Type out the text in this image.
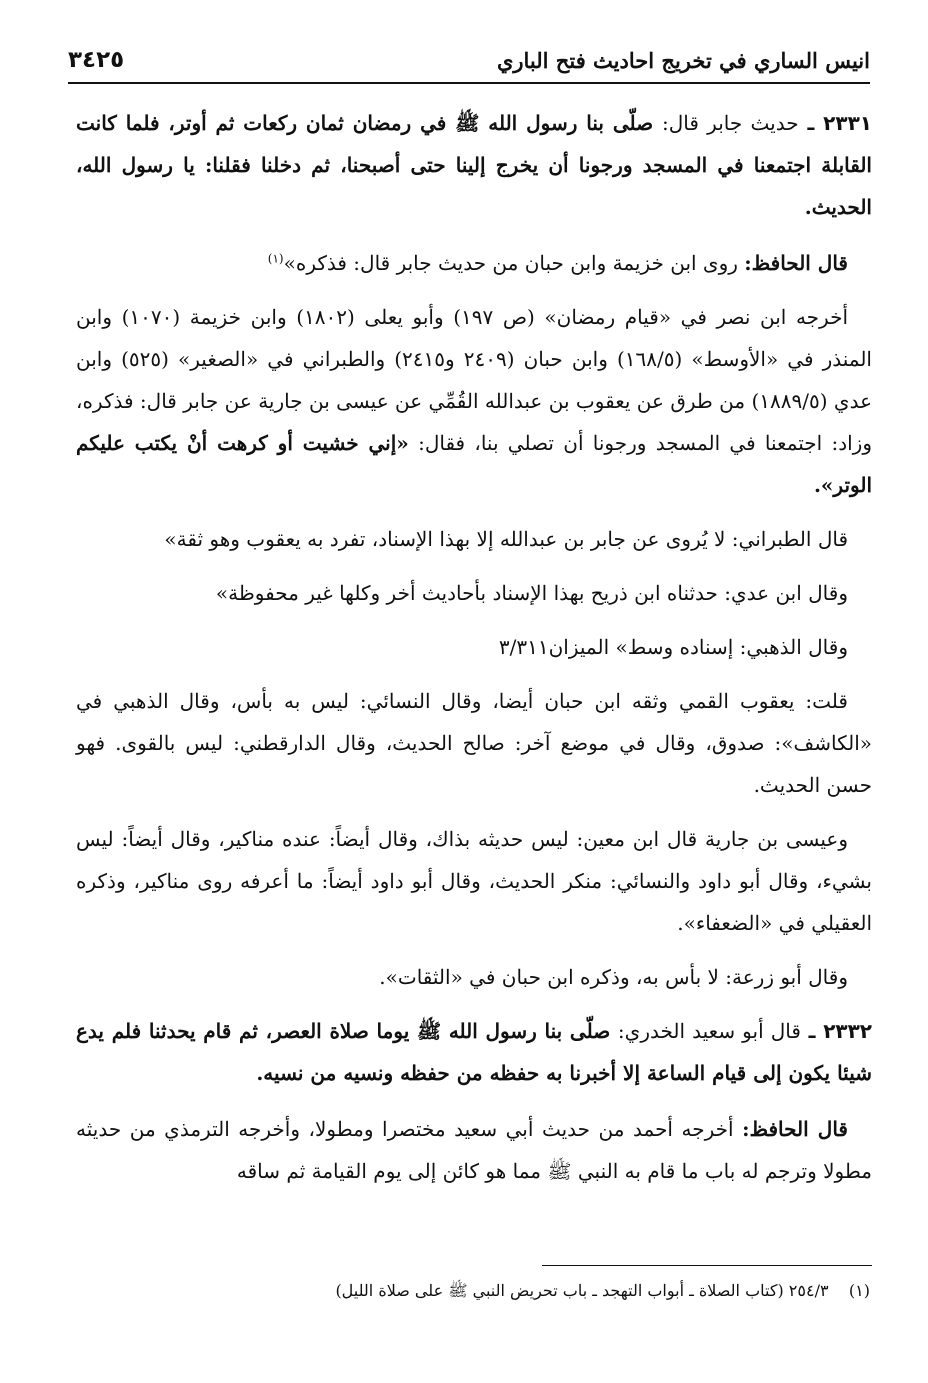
انيس الساري في تخريج احاديث فتح الباري
٣٤٢٥

٢٣٣١ ـ حديث جابر قال: صلّى بنا رسول الله ﷺ في رمضان ثمان ركعات ثم أوتر، فلما كانت القابلة اجتمعنا في المسجد ورجونا أن يخرج إلينا حتى أصبحنا، ثم دخلنا فقلنا: يا رسول الله، الحديث.

قال الحافظ: روى ابن خزيمة وابن حبان من حديث جابر قال: فذكره»$^{(١)}$

أخرجه ابن نصر في «قيام رمضان» (ص ١٩٧) وأبو يعلى (١٨٠٢) وابن خزيمة (١٠٧٠) وابن المنذر في «الأوسط» (١٦٨/٥) وابن حبان (٢٤٠٩ و٢٤١٥) والطبراني في «الصغير» (٥٢٥) وابن عدي (١٨٨٩/٥) من طرق عن يعقوب بن عبدالله القُمِّي عن عيسى بن جارية عن جابر قال: فذكره، وزاد: اجتمعنا في المسجد ورجونا أن تصلي بنا، فقال: «إني خشيت أو كرهت أنْ يكتب عليكم الوتر».

قال الطبراني: لا يُروى عن جابر بن عبدالله إلا بهذا الإسناد، تفرد به يعقوب وهو ثقة»

وقال ابن عدي: حدثناه ابن ذريح بهذا الإسناد بأحاديث أخر وكلها غير محفوظة»

وقال الذهبي: إسناده وسط» الميزان٣/٣١١

قلت: يعقوب القمي وثقه ابن حبان أيضا، وقال النسائي: ليس به بأس، وقال الذهبي في «الكاشف»: صدوق، وقال في موضع آخر: صالح الحديث، وقال الدارقطني: ليس بالقوى. فهو حسن الحديث.

وعيسى بن جارية قال ابن معين: ليس حديثه بذاك، وقال أيضاً: عنده مناكير، وقال أيضاً: ليس بشيء، وقال أبو داود والنسائي: منكر الحديث، وقال أبو داود أيضاً: ما أعرفه روى مناكير، وذكره العقيلي في «الضعفاء».

وقال أبو زرعة: لا بأس به، وذكره ابن حبان في «الثقات».

٢٣٣٢ ـ قال أبو سعيد الخدري: صلّى بنا رسول الله ﷺ يوما صلاة العصر، ثم قام يحدثنا فلم يدع شيئا يكون إلى قيام الساعة إلا أخبرنا به حفظه من حفظه ونسيه من نسيه.

قال الحافظ: أخرجه أحمد من حديث أبي سعيد مختصرا ومطولا، وأخرجه الترمذي من حديثه مطولا وترجم له باب ما قام به النبي ﷺ مما هو كائن إلى يوم القيامة ثم ساقه

(١)    ٢٥٤/٣ (كتاب الصلاة ـ أبواب التهجد ـ باب تحريض النبي ﷺ على صلاة الليل)
